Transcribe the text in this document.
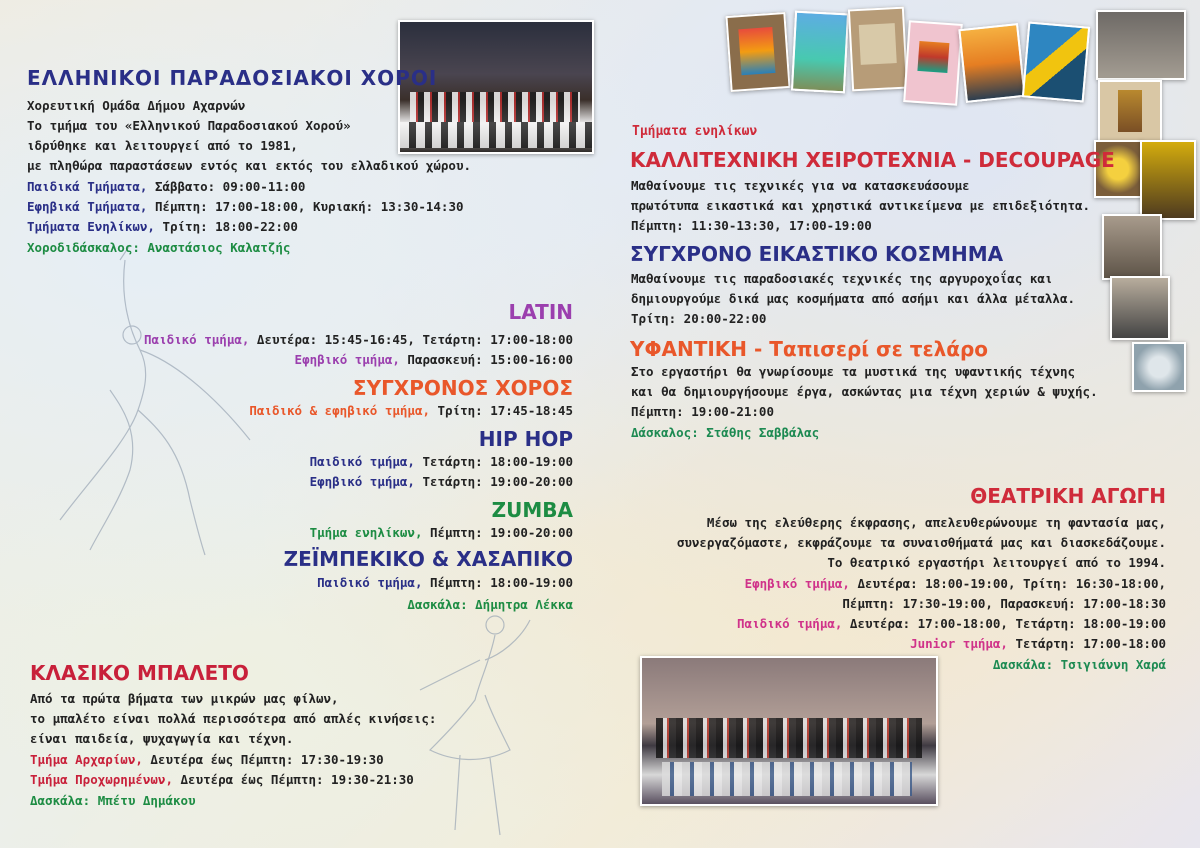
ΕΛΛΗΝΙΚΟΙ ΠΑΡΑΔΟΣΙΑΚΟΙ ΧΟΡΟΙ
Χορευτική Ομάδα Δήμου Αχαρνών
Το τμήμα του «Ελληνικού Παραδοσιακού Χορού»
ιδρύθηκε και λειτουργεί από το 1981,
με πληθώρα παραστάσεων εντός και εκτός του ελλαδικού χώρου.
Παιδικά Τμήματα, Σάββατο: 09:00-11:00
Εφηβικά Τμήματα, Πέμπτη: 17:00-18:00, Κυριακή: 13:30-14:30
Τμήματα Ενηλίκων, Τρίτη: 18:00-22:00
Χοροδιδάσκαλος: Αναστάσιος Καλατζής
LATIN
Παιδικό τμήμα, Δευτέρα: 15:45-16:45, Τετάρτη: 17:00-18:00
Εφηβικό τμήμα, Παρασκευή: 15:00-16:00
ΣΥΓΧΡΟΝΟΣ ΧΟΡΟΣ
Παιδικό & εφηβικό τμήμα, Τρίτη: 17:45-18:45
HIP HOP
Παιδικό τμήμα, Τετάρτη: 18:00-19:00
Εφηβικό τμήμα, Τετάρτη: 19:00-20:00
ZUMBA
Τμήμα ενηλίκων, Πέμπτη: 19:00-20:00
ΖΕΪΜΠΕΚΙΚΟ & ΧΑΣΑΠΙΚΟ
Παιδικό τμήμα, Πέμπτη: 18:00-19:00
Δασκάλα: Δήμητρα Λέκκα
ΚΛΑΣΙΚΟ ΜΠΑΛΕΤΟ
Από τα πρώτα βήματα των μικρών μας φίλων,
το μπαλέτο είναι πολλά περισσότερα από απλές κινήσεις:
είναι παιδεία, ψυχαγωγία και τέχνη.
Τμήμα Αρχαρίων, Δευτέρα έως Πέμπτη: 17:30-19:30
Τμήμα Προχωρημένων, Δευτέρα έως Πέμπτη: 19:30-21:30
Δασκάλα: Μπέτυ Δημάκου
Τμήματα ενηλίκων
ΚΑΛΛΙΤΕΧΝΙΚΗ ΧΕΙΡΟΤΕΧΝΙΑ - DECOUPAGE
Μαθαίνουμε τις τεχνικές για να κατασκευάσουμε
πρωτότυπα εικαστικά και χρηστικά αντικείμενα με επιδεξιότητα.
Πέμπτη: 11:30-13:30, 17:00-19:00
ΣΥΓΧΡΟΝΟ ΕΙΚΑΣΤΙΚΟ ΚΟΣΜΗΜΑ
Μαθαίνουμε τις παραδοσιακές τεχνικές της αργυροχοΐας και
δημιουργούμε δικά μας κοσμήματα από ασήμι και άλλα μέταλλα.
Τρίτη: 20:00-22:00
ΥΦΑΝΤΙΚΗ - Ταπισερί σε τελάρο
Στο εργαστήρι θα γνωρίσουμε τα μυστικά της υφαντικής τέχνης
και θα δημιουργήσουμε έργα, ασκώντας μια τέχνη χεριών & ψυχής.
Πέμπτη: 19:00-21:00
Δάσκαλος: Στάθης Σαββάλας
ΘΕΑΤΡΙΚΗ ΑΓΩΓΗ
Μέσω της ελεύθερης έκφρασης, απελευθερώνουμε τη φαντασία μας,
συνεργαζόμαστε, εκφράζουμε τα συναισθήματά μας και διασκεδάζουμε.
Το θεατρικό εργαστήρι λειτουργεί από το 1994.
Εφηβικό τμήμα, Δευτέρα: 18:00-19:00, Τρίτη: 16:30-18:00,
Πέμπτη: 17:30-19:00, Παρασκευή: 17:00-18:30
Παιδικό τμήμα, Δευτέρα: 17:00-18:00, Τετάρτη: 18:00-19:00
Junior τμήμα, Τετάρτη: 17:00-18:00
Δασκάλα: Τσιγιάννη Χαρά
